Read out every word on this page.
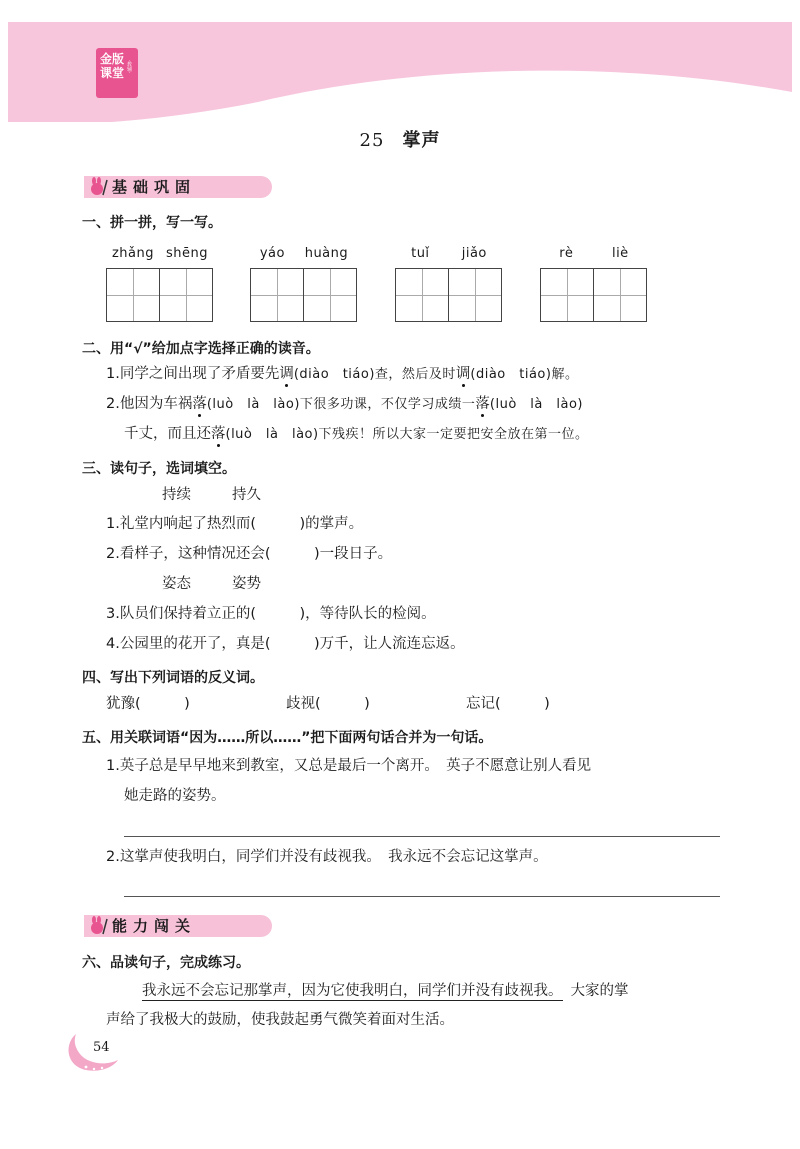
金版
课堂 ·教辅·
25 掌声
基础巩固
一、拼一拼，写一写。
zhǎng shēng	yáo huàng	tuǐ jiǎo	rè	liè
二、用“√”给加点字选择正确的读音。
1.同学之间出现了矛盾要先调(diào　tiáo)查，然后及时调(diào　tiáo)解。
2.他因为车祸落(luò　là　lào)下很多功课，不仅学习成绩一落(luò　là　lào)
千丈，而且还落(luò　là　lào)下残疾！所以大家一定要把安全放在第一位。
三、读句子，选词填空。
持续	持久
1.礼堂内响起了热烈而(　　　)的掌声。
2.看样子，这种情况还会(　　　)一段日子。
姿态	姿势
3.队员们保持着立正的(　　　)，等待队长的检阅。
4.公园里的花开了，真是(　　　)万千，让人流连忘返。
四、写出下列词语的反义词。
犹豫(　　　)	歧视(　　　)	忘记(　　　)
五、用关联词语“因为……所以……”把下面两句话合并为一句话。
1.英子总是早早地来到教室，又总是最后一个离开。　英子不愿意让别人看见
她走路的姿势。
2.这掌声使我明白，同学们并没有歧视我。　我永远不会忘记这掌声。
能力闯关
六、品读句子，完成练习。
我永远不会忘记那掌声，因为它使我明白，同学们并没有歧视我。 大家的掌
声给了我极大的鼓励，使我鼓起勇气微笑着面对生活。
54
